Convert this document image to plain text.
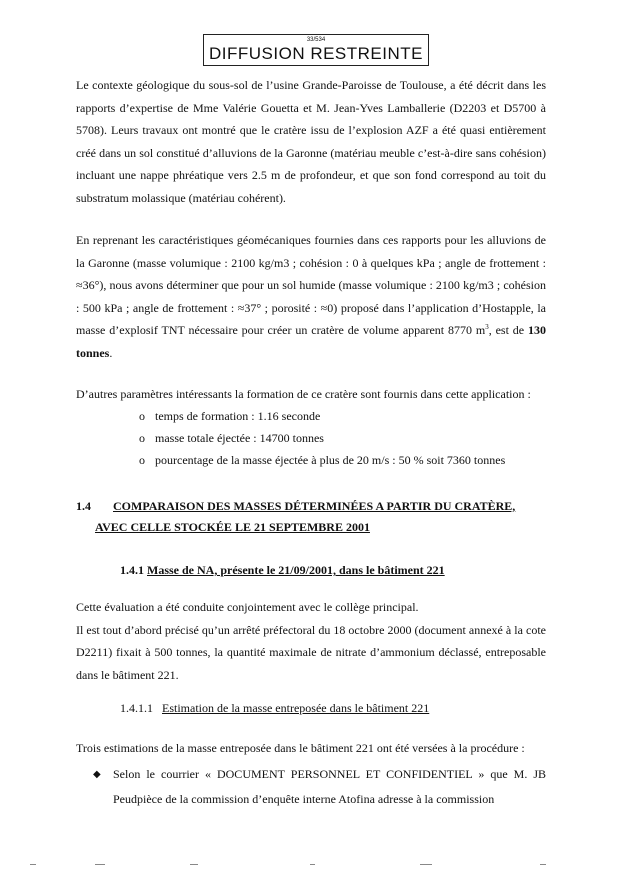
33/534
DIFFUSION RESTREINTE

Le contexte géologique du sous-sol de l’usine Grande-Paroisse de Toulouse, a été décrit dans les rapports d’expertise de Mme Valérie Gouetta et M. Jean-Yves Lamballerie (D2203 et D5700 à 5708). Leurs travaux ont montré que le cratère issu de l’explosion AZF a été quasi entièrement créé dans un sol constitué d’alluvions de la Garonne (matériau meuble c’est-à-dire sans cohésion) incluant une nappe phréatique vers 2.5 m de profondeur, et que son fond correspond au toit du substratum molassique (matériau cohérent).

En reprenant les caractéristiques géomécaniques fournies dans ces rapports pour les alluvions de la Garonne (masse volumique : 2100 kg/m3 ; cohésion : 0 à quelques kPa ; angle de frottement : ≈36°), nous avons déterminer que pour un sol humide (masse volumique : 2100 kg/m3 ; cohésion : 500 kPa ; angle de frottement : ≈37° ; porosité : ≈0) proposé dans l’application d’Hostapple, la masse d’explosif TNT nécessaire pour créer un cratère de volume apparent 8770 $m^3$, est de 130 tonnes.

D’autres paramètres intéressants la formation de ce cratère sont fournis dans cette application :

o temps de formation : 1.16 seconde
o masse totale éjectée : 14700 tonnes
o pourcentage de la masse éjectée à plus de 20 m/s : 50 % soit 7360 tonnes
1.4 COMPARAISON DES MASSES DÉTERMINÉES A PARTIR DU CRATÈRE,
AVEC CELLE STOCKÉE LE 21 SEPTEMBRE 2001
1.4.1 Masse de NA, présente le 21/09/2001, dans le bâtiment 221

Cette évaluation a été conduite conjointement avec le collège principal.
Il est tout d’abord précisé qu’un arrêté préfectoral du 18 octobre 2000 (document annexé à la cote D2211) fixait à 500 tonnes, la quantité maximale de nitrate d’ammonium déclassé, entreposable dans le bâtiment 221.

1.4.1.1 Estimation de la masse entreposée dans le bâtiment 221

Trois estimations de la masse entreposée dans le bâtiment 221 ont été versées à la procédure :

◆ Selon le courrier « DOCUMENT PERSONNEL ET CONFIDENTIEL » que M. JB Peudpièce de la commission d’enquête interne Atofina adresse à la commission
